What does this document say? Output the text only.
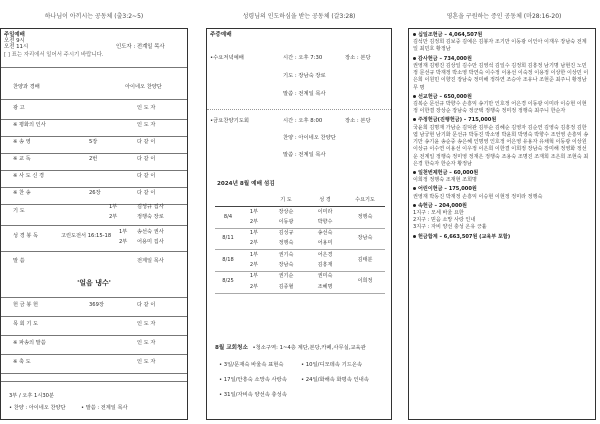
하나님이 아끼시는 공동체 (출3:2~5)
주일예배
오전 9시
오전 11시	인도자 : 전계일 목사
[ ] 표는 자리에서 일어서 주시기 바랍니다.
찬양과 경배	아이네오 찬양단
광 고	인 도 자
※ 평화의 인사	인 도 자
※ 송 영	5장	다 같 이
※ 교 독	2번	다 같 이
※ 사 도 신 경	다 같 이
※ 찬 송	26장	다 같 이
기 도
1부	김성규 집사
2부	정행숙 장로
성 경 봉 독	고린도전서 16:15-18
1부 송선숙 권사
2부 어용미 집사
말 씀	전계일 목사
'얼음 냉수'
헌 금 봉 헌	369장	다 같 이
목 회 기 도	인 도 자
※ 파송의 말씀	인 도 자
※ 축 도	인 도 자
3부 / 오후 1시30분
• 찬양 : 아이네오 찬양단	• 말씀 : 전계일 목사
성령님의 인도하심을 받는 공동체 (갈3:28)
주중예배
•수요저녁예배	시간 : 오후 7:30	장소 : 본당
기도 : 장남숙 장로
말씀 : 전계일 목사
•금요찬양기도회	시간 : 오후 8:00	장소 : 본당
찬양 : 아이네오 찬양단
말씀 : 전계일 목사
2024년 8월 예배 섬김
		기 도	성 경	수요기도
8/4	1부	장상순	이미라	정행숙
	2부	이동광	박향수	
8/11	1부	김성규	송선숙	장남숙
	2부	정행숙	어용미	
8/18	1부	권기숙	어은경	김태분
	2부	장남숙	김흥재	
8/25	1부	권기순	권미숙	이희정
	2부	김종혈	조혜명	
8월 교회청소 •청소구역: 1~4층 계단,본당,카페,사무실,교육관
• 3일/문재숙 바울속 표현숙	• 10일/디모데속 기드온속
• 17일/안흥숙 소망속 사랑속	• 24일/화해속 화평속 인내속
• 31일/자비속 양선속 충성속
영혼을 구원하는 증인 공동체 (마28:16-20)
십일조헌금 – 4,064,507원
김석만 김정희 김보중 김예은 김봉자 조기만 이동광 이인아 이재우 장남숙 전계일 최민호 황정남
감사헌금 – 734,000원
권영재 김병진 김상일 김수만 김영석 김일수 김정희 김흥정 남기명 남현진 노민정 문선규 박재정 박소영 박연숙 이수정 이용선 이숙정 이용정 이상한 이상민 이은희 이원민 이향진 장남숙 정미해 정하연 조승아 조유나 조현준 최주니 황정남 무 명
선교헌금 – 650,000원
김복순 문선규 박향수 손흥익 송기만 인호정 어은경 이동광 이미라 이승현 이현정 이한결 장상순 장남숙 정군택 정행숙 정미정 정행숙 최주니 한순자
주정헌금(진행헌금) – 715,000원
국윤희 김명재 가남순 김덕관 김부순 김혜순 김영자 김순연 김영숙 김흥정 김한엽 남궁현 남기화 문선규 박동진 박소영 박윤희 박영숙 박향수 조언영 손흥익 송기만 송기윤 송순중 송은혜 인명영 인호정 어은영 유용자 유채혁 이동광 이상원 이상규 이수연 이용선 이우정 이은희 이한결 이희정 장남숙 장미해 정영화 정선운 전계일 정행숙 정미영 정재은 정행숙 조용숙 조명진 조재희 조은희 조현숙 최은경 한숙자 한순자 황정남
일천번제헌금 – 60,000원
이희정 정행숙 조재현 조희명
어린이헌금 – 175,000원
권영재 박동진 박재정 손흥익 이승현 이현정 정미라 정행숙
속헌금 – 204,000원
1지구 : 모세 바울 요한
2지구 : 믿음 소망 사랑 인내
3지구 : 자비 양선 충성 온유 긍휼
헌금합계 – 6,663,507원 (교육부 포함)
